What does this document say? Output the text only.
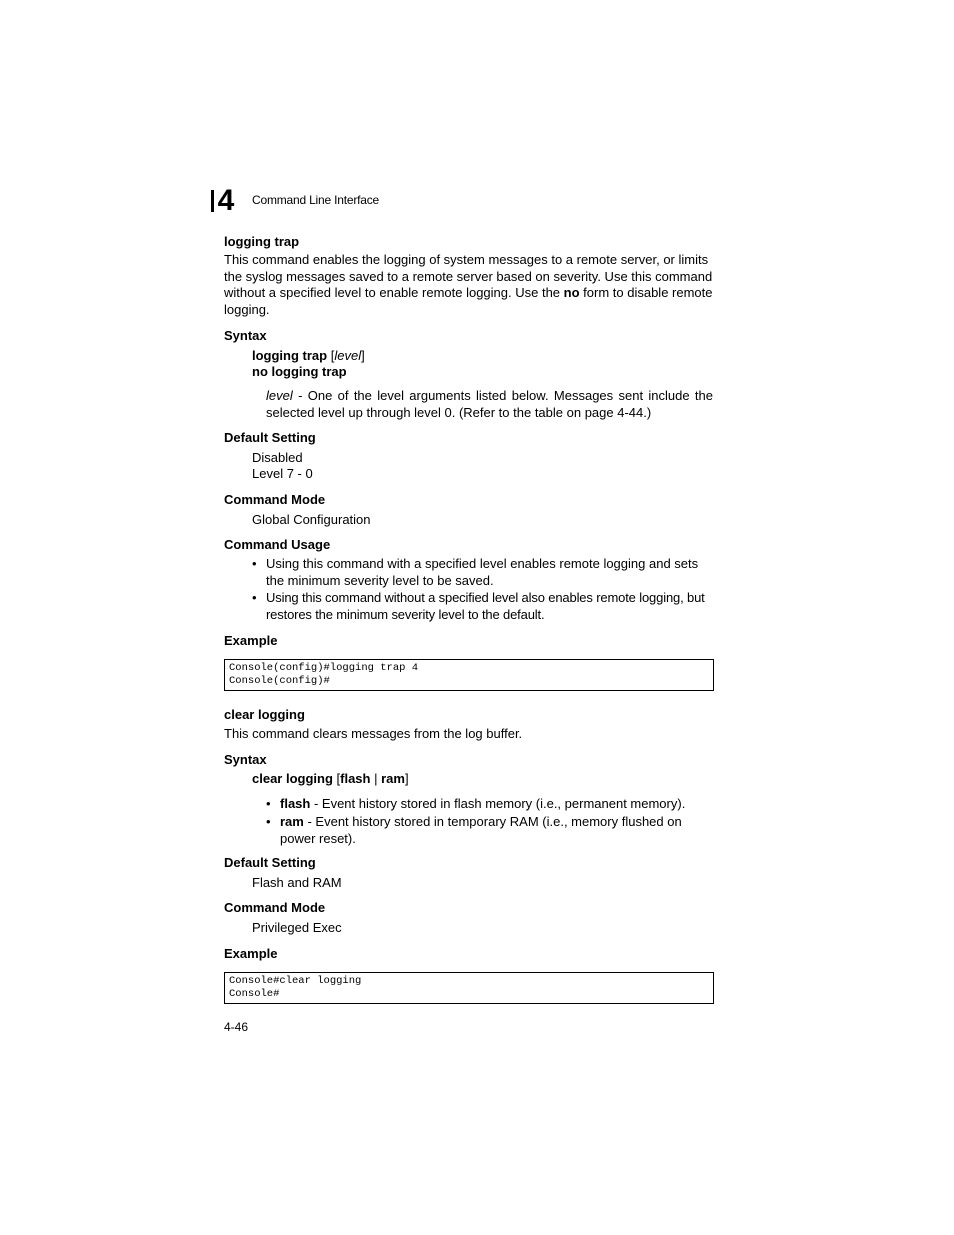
4	Command Line Interface
logging trap
This command enables the logging of system messages to a remote server, or limits the syslog messages saved to a remote server based on severity. Use this command without a specified level to enable remote logging. Use the no form to disable remote logging.
Syntax
logging trap [level]
no logging trap
level - One of the level arguments listed below. Messages sent include the selected level up through level 0. (Refer to the table on page 4-44.)
Default Setting
Disabled
Level 7 - 0
Command Mode
Global Configuration
Command Usage
• Using this command with a specified level enables remote logging and sets the minimum severity level to be saved.
• Using this command without a specified level also enables remote logging, but restores the minimum severity level to the default.
Example
Console(config)#logging trap 4
Console(config)#
clear logging
This command clears messages from the log buffer.
Syntax
clear logging [flash | ram]
• flash - Event history stored in flash memory (i.e., permanent memory).
• ram - Event history stored in temporary RAM (i.e., memory flushed on power reset).
Default Setting
Flash and RAM
Command Mode
Privileged Exec
Example
Console#clear logging
Console#
4-46
